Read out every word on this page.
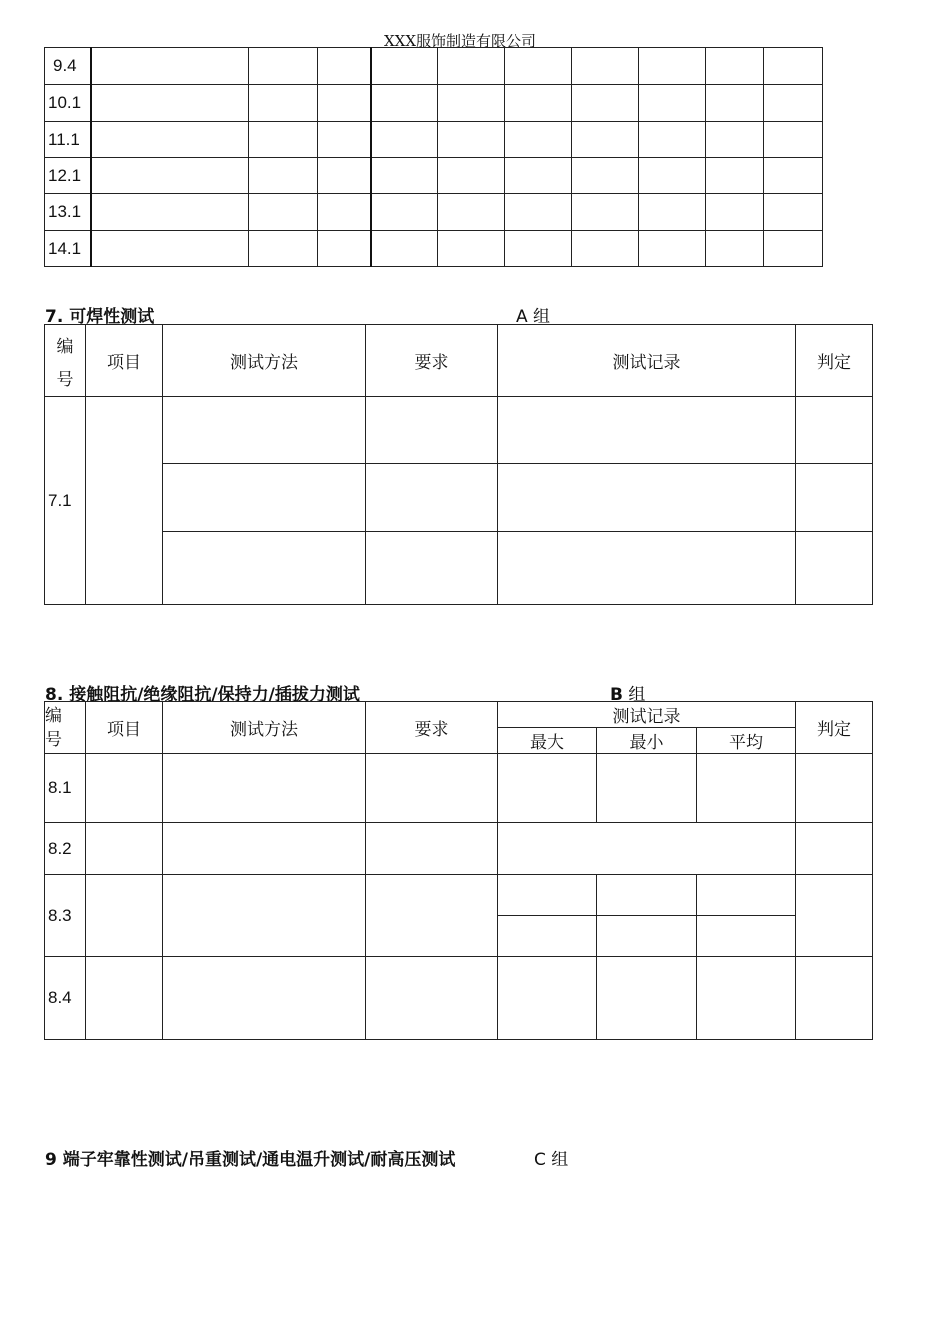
XXX服饰制造有限公司
9.4										
10.1										
11.1										
12.1										
13.1										
14.1										
7. 可焊性测试	A 组
编
号	项目	测试方法	要求	测试记录	判定
7.1					

8. 接触阻抗/绝缘阻抗/保持力/插拔力测试	B 组
编
号	项目	测试方法	要求	测试记录			判定
				最大	最小	平均	
8.1							
8.2							
8.3							

8.4							
9 端子牢靠性测试/吊重测试/通电温升测试/耐高压测试	C 组
